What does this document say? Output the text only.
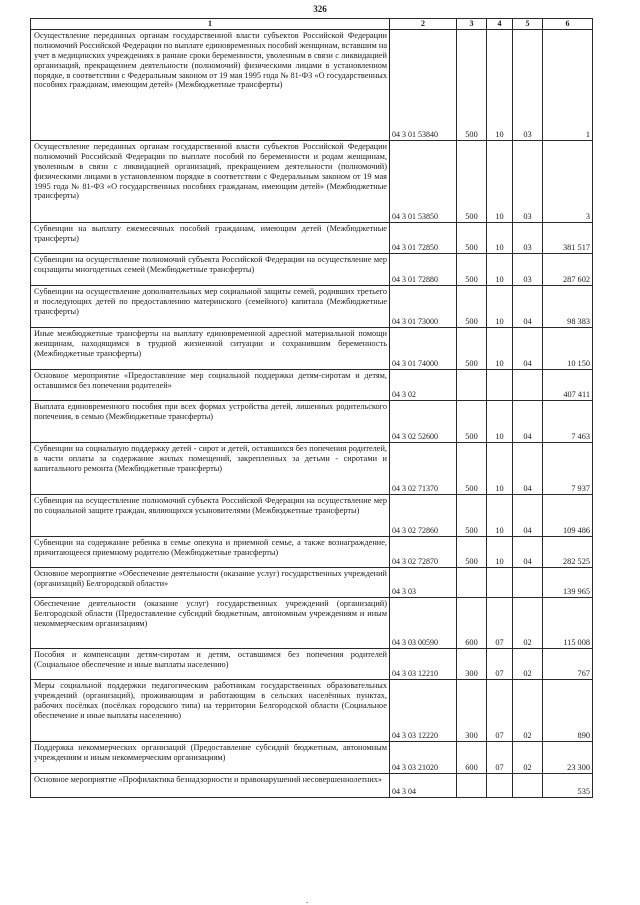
326
1	2	3	4	5	6
Осуществление переданных органам государственной власти субъектов Российской Федерации полномочий Российской Федерации по выплате единовременных пособий женщинам, вставшим на учет в медицинских учреждениях в ранние сроки беременности, уволенным в связи с ликвидацией организаций, прекращением деятельности (полномочий) физическими лицами в установленном порядке, в соответствии с Федеральным законом от 19 мая 1995 года № 81-ФЗ «О государственных пособиях гражданам, имеющим детей» (Межбюджетные трансферты)	04 3 01 53840	500	10	03	1
Осуществление переданных органам государственной власти субъектов Российской Федерации полномочий Российской Федерации по выплате пособий по беременности и родам женщинам, уволенным в связи с ликвидацией организаций, прекращением деятельности (полномочий) физическими лицами в установленном порядке в соответствии с Федеральным законом от 19 мая 1995 года № 81-ФЗ «О государственных пособиях гражданам, имеющим детей» (Межбюджетные трансферты)	04 3 01 53850	500	10	03	3
Субвенции на выплату ежемесячных пособий гражданам, имеющим детей (Межбюджетные трансферты)	04 3 01 72850	500	10	03	381 517
Субвенции на осуществление полномочий субъекта Российской Федерации на осуществление мер соцзащиты многодетных семей (Межбюджетные трансферты)	04 3 01 72880	500	10	03	287 602
Субвенции на осуществление дополнительных мер социальной защиты семей, родивших третьего и последующих детей по предоставлению материнского (семейного) капитала (Межбюджетные трансферты)	04 3 01 73000	500	10	04	98 383
Иные межбюджетные трансферты на выплату единовременной адресной материальной помощи женщинам, находящимся в трудной жизненной ситуации и сохранившим беременность (Межбюджетные трансферты)	04 3 01 74000	500	10	04	10 150
Основное мероприятие «Предоставление мер социальной поддержки детям-сиротам и детям, оставшимся без попечения родителей»	04 3 02				407 411
Выплата единовременного пособия при всех формах устройства детей, лишенных родительского попечения, в семью (Межбюджетные трансферты)	04 3 02 52600	500	10	04	7 463
Субвенции на социальную поддержку детей - сирот и детей, оставшихся без попечения родителей, в части оплаты за содержание жилых помещений, закрепленных за детьми - сиротами и капитального ремонта (Межбюджетные трансферты)	04 3 02 71370	500	10	04	7 937
Субвенция на осуществление полномочий субъекта Российской Федерации на осуществление мер по социальной защите граждан, являющихся усыновителями (Межбюджетные трансферты)	04 3 02 72860	500	10	04	109 486
Субвенции на содержание ребенка в семье опекуна и приемной семье, а также вознаграждение, причитающееся приемному родителю (Межбюджетные трансферты)	04 3 02 72870	500	10	04	282 525
Основное мероприятие «Обеспечение деятельности (оказание услуг) государственных учреждений (организаций) Белгородской области»	04 3 03				139 965
Обеспечение деятельности (оказание услуг) государственных учреждений (организаций) Белгородской области (Предоставление субсидий бюджетным, автономным учреждениям и иным некоммерческим организациям)	04 3 03 00590	600	07	02	115 008
Пособия и компенсации детям-сиротам и детям, оставшимся без попечения родителей (Социальное обеспечение и иные выплаты населению)	04 3 03 12210	300	07	02	767
Меры социальной поддержки педагогическим работникам государственных образовательных учреждений (организаций), проживающим и работающим в сельских населённых пунктах, рабочих посёлках (посёлках городского типа) на территории Белгородской области (Социальное обеспечение и иные выплаты населению)	04 3 03 12220	300	07	02	890
Поддержка некоммерческих организаций (Предоставление субсидий бюджетным, автономным учреждениям и иным некоммерческим организациям)	04 3 03 21020	600	07	02	23 300
Основное мероприятие «Профилактика безнадзорности и правонарушений несовершеннолетних»	04 3 04				535
.
